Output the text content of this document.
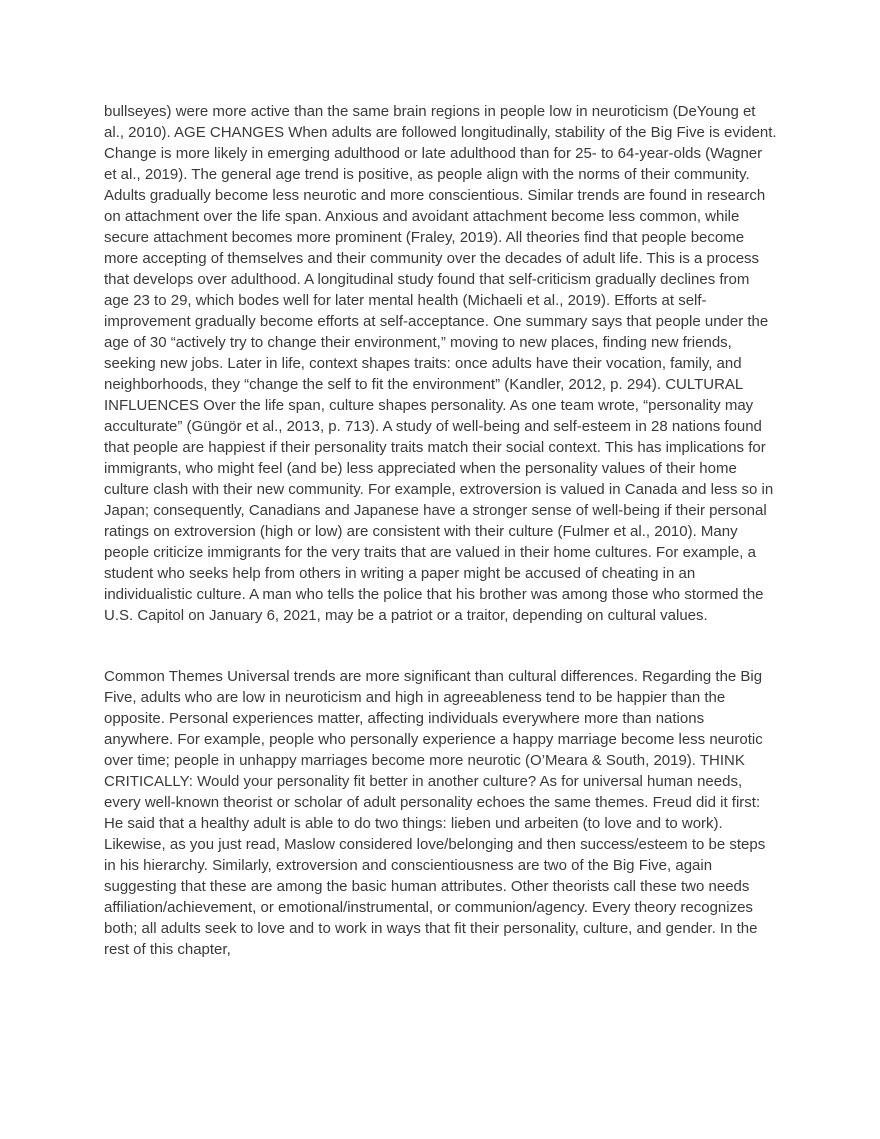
bullseyes) were more active than the same brain regions in people low in neuroticism (DeYoung et al., 2010). AGE CHANGES When adults are followed longitudinally, stability of the Big Five is evident. Change is more likely in emerging adulthood or late adulthood than for 25- to 64-year-olds (Wagner et al., 2019). The general age trend is positive, as people align with the norms of their community. Adults gradually become less neurotic and more conscientious. Similar trends are found in research on attachment over the life span. Anxious and avoidant attachment become less common, while secure attachment becomes more prominent (Fraley, 2019). All theories find that people become more accepting of themselves and their community over the decades of adult life. This is a process that develops over adulthood. A longitudinal study found that self-criticism gradually declines from age 23 to 29, which bodes well for later mental health (Michaeli et al., 2019). Efforts at self-improvement gradually become efforts at self-acceptance. One summary says that people under the age of 30 “actively try to change their environment,” moving to new places, finding new friends, seeking new jobs. Later in life, context shapes traits: once adults have their vocation, family, and neighborhoods, they “change the self to fit the environment” (Kandler, 2012, p. 294). CULTURAL INFLUENCES Over the life span, culture shapes personality. As one team wrote, “personality may acculturate” (Güngör et al., 2013, p. 713). A study of well-being and self-esteem in 28 nations found that people are happiest if their personality traits match their social context. This has implications for immigrants, who might feel (and be) less appreciated when the personality values of their home culture clash with their new community. For example, extroversion is valued in Canada and less so in Japan; consequently, Canadians and Japanese have a stronger sense of well-being if their personal ratings on extroversion (high or low) are consistent with their culture (Fulmer et al., 2010). Many people criticize immigrants for the very traits that are valued in their home cultures. For example, a student who seeks help from others in writing a paper might be accused of cheating in an individualistic culture. A man who tells the police that his brother was among those who stormed the U.S. Capitol on January 6, 2021, may be a patriot or a traitor, depending on cultural values.

Common Themes Universal trends are more significant than cultural differences. Regarding the Big Five, adults who are low in neuroticism and high in agreeableness tend to be happier than the opposite. Personal experiences matter, affecting individuals everywhere more than nations anywhere. For example, people who personally experience a happy marriage become less neurotic over time; people in unhappy marriages become more neurotic (O’Meara & South, 2019). THINK CRITICALLY: Would your personality fit better in another culture? As for universal human needs, every well-known theorist or scholar of adult personality echoes the same themes. Freud did it first: He said that a healthy adult is able to do two things: lieben und arbeiten (to love and to work). Likewise, as you just read, Maslow considered love/belonging and then success/esteem to be steps in his hierarchy. Similarly, extroversion and conscientiousness are two of the Big Five, again suggesting that these are among the basic human attributes. Other theorists call these two needs affiliation/achievement, or emotional/instrumental, or communion/agency. Every theory recognizes both; all adults seek to love and to work in ways that fit their personality, culture, and gender. In the rest of this chapter,
